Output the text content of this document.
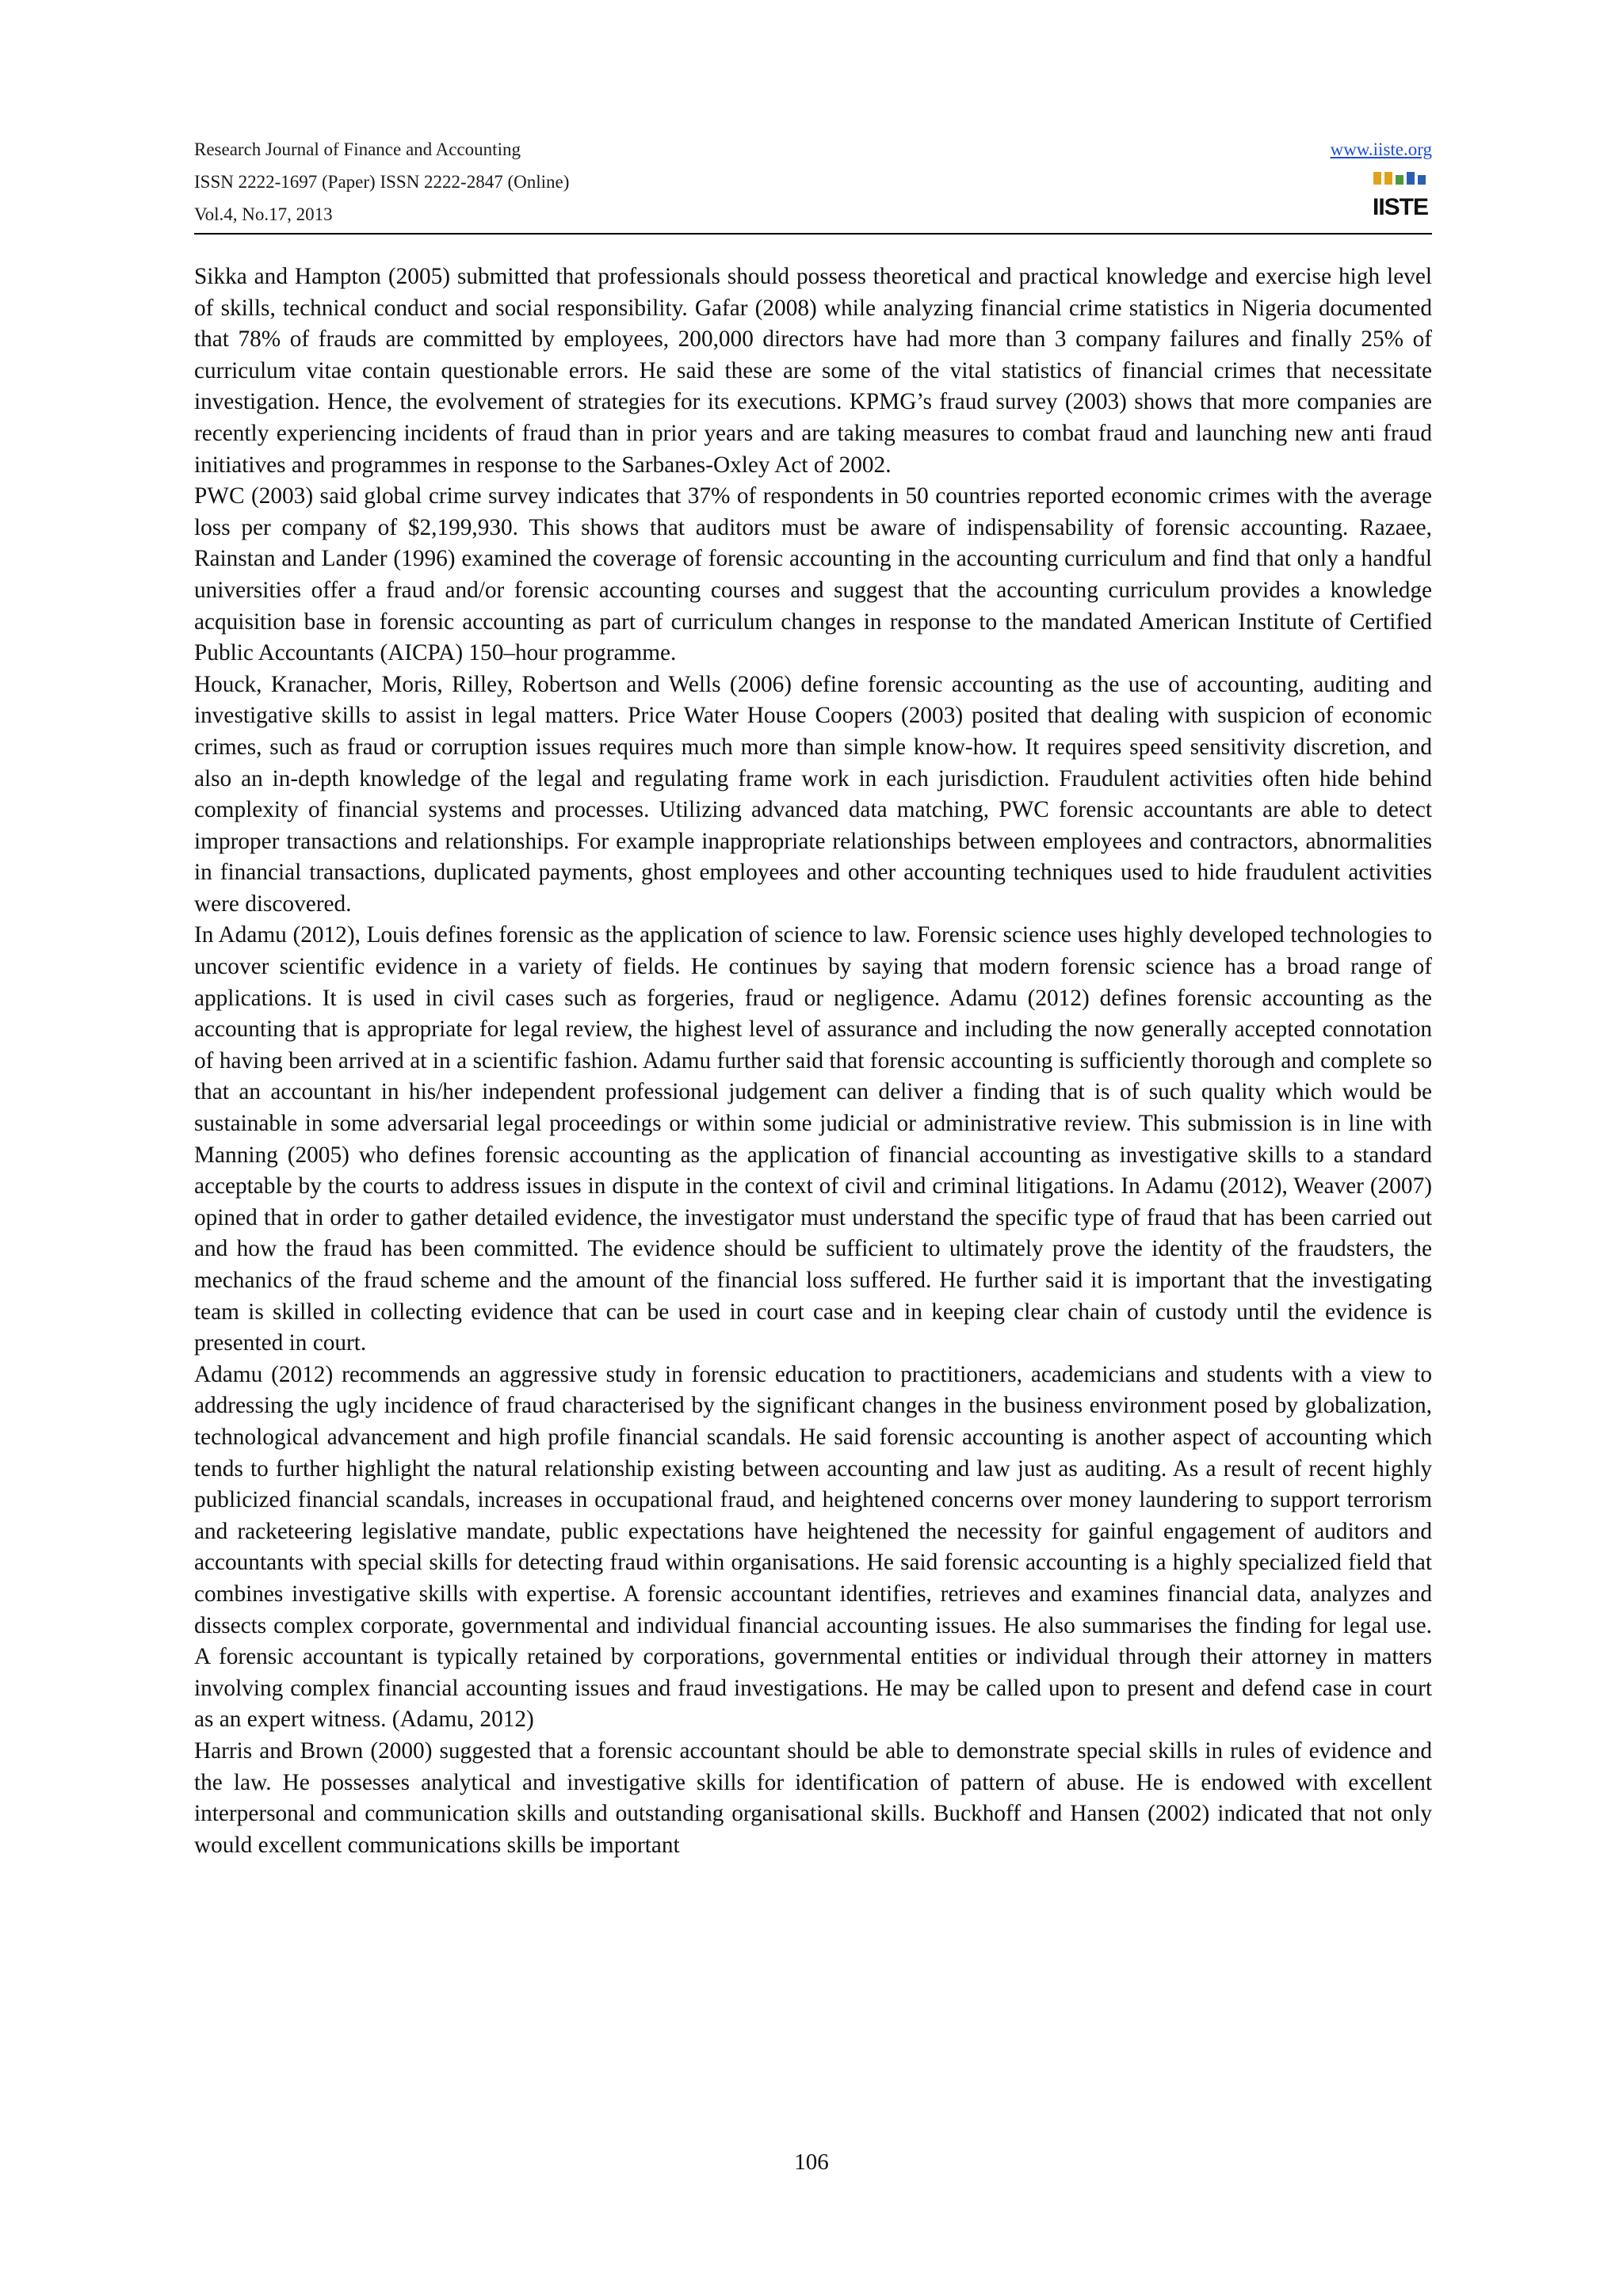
Research Journal of Finance and Accounting
ISSN 2222-1697 (Paper) ISSN 2222-2847 (Online)
Vol.4, No.17, 2013
www.iiste.org
IISTE

Sikka and Hampton (2005) submitted that professionals should possess theoretical and practical knowledge and exercise high level of skills, technical conduct and social responsibility. Gafar (2008) while analyzing financial crime statistics in Nigeria documented that 78% of frauds are committed by employees, 200,000 directors have had more than 3 company failures and finally 25% of curriculum vitae contain questionable errors. He said these are some of the vital statistics of financial crimes that necessitate investigation. Hence, the evolvement of strategies for its executions. KPMG’s fraud survey (2003) shows that more companies are recently experiencing incidents of fraud than in prior years and are taking measures to combat fraud and launching new anti fraud initiatives and programmes in response to the Sarbanes-Oxley Act of 2002.

PWC (2003) said global crime survey indicates that 37% of respondents in 50 countries reported economic crimes with the average loss per company of $2,199,930. This shows that auditors must be aware of indispensability of forensic accounting. Razaee, Rainstan and Lander (1996) examined the coverage of forensic accounting in the accounting curriculum and find that only a handful universities offer a fraud and/or forensic accounting courses and suggest that the accounting curriculum provides a knowledge acquisition base in forensic accounting as part of curriculum changes in response to the mandated American Institute of Certified Public Accountants (AICPA) 150–hour programme.

Houck, Kranacher, Moris, Rilley, Robertson and Wells (2006) define forensic accounting as the use of accounting, auditing and investigative skills to assist in legal matters. Price Water House Coopers (2003) posited that dealing with suspicion of economic crimes, such as fraud or corruption issues requires much more than simple know-how. It requires speed sensitivity discretion, and also an in-depth knowledge of the legal and regulating frame work in each jurisdiction. Fraudulent activities often hide behind complexity of financial systems and processes. Utilizing advanced data matching, PWC forensic accountants are able to detect improper transactions and relationships. For example inappropriate relationships between employees and contractors, abnormalities in financial transactions, duplicated payments, ghost employees and other accounting techniques used to hide fraudulent activities were discovered.

In Adamu (2012), Louis defines forensic as the application of science to law. Forensic science uses highly developed technologies to uncover scientific evidence in a variety of fields. He continues by saying that modern forensic science has a broad range of applications. It is used in civil cases such as forgeries, fraud or negligence. Adamu (2012) defines forensic accounting as the accounting that is appropriate for legal review, the highest level of assurance and including the now generally accepted connotation of having been arrived at in a scientific fashion. Adamu further said that forensic accounting is sufficiently thorough and complete so that an accountant in his/her independent professional judgement can deliver a finding that is of such quality which would be sustainable in some adversarial legal proceedings or within some judicial or administrative review. This submission is in line with Manning (2005) who defines forensic accounting as the application of financial accounting as investigative skills to a standard acceptable by the courts to address issues in dispute in the context of civil and criminal litigations. In Adamu (2012), Weaver (2007) opined that in order to gather detailed evidence, the investigator must understand the specific type of fraud that has been carried out and how the fraud has been committed. The evidence should be sufficient to ultimately prove the identity of the fraudsters, the mechanics of the fraud scheme and the amount of the financial loss suffered. He further said it is important that the investigating team is skilled in collecting evidence that can be used in court case and in keeping clear chain of custody until the evidence is presented in court.

Adamu (2012) recommends an aggressive study in forensic education to practitioners, academicians and students with a view to addressing the ugly incidence of fraud characterised by the significant changes in the business environment posed by globalization, technological advancement and high profile financial scandals. He said forensic accounting is another aspect of accounting which tends to further highlight the natural relationship existing between accounting and law just as auditing. As a result of recent highly publicized financial scandals, increases in occupational fraud, and heightened concerns over money laundering to support terrorism and racketeering legislative mandate, public expectations have heightened the necessity for gainful engagement of auditors and accountants with special skills for detecting fraud within organisations. He said forensic accounting is a highly specialized field that combines investigative skills with expertise. A forensic accountant identifies, retrieves and examines financial data, analyzes and dissects complex corporate, governmental and individual financial accounting issues. He also summarises the finding for legal use. A forensic accountant is typically retained by corporations, governmental entities or individual through their attorney in matters involving complex financial accounting issues and fraud investigations. He may be called upon to present and defend case in court as an expert witness. (Adamu, 2012)

Harris and Brown (2000) suggested that a forensic accountant should be able to demonstrate special skills in rules of evidence and the law. He possesses analytical and investigative skills for identification of pattern of abuse. He is endowed with excellent interpersonal and communication skills and outstanding organisational skills. Buckhoff and Hansen (2002) indicated that not only would excellent communications skills be important

106
